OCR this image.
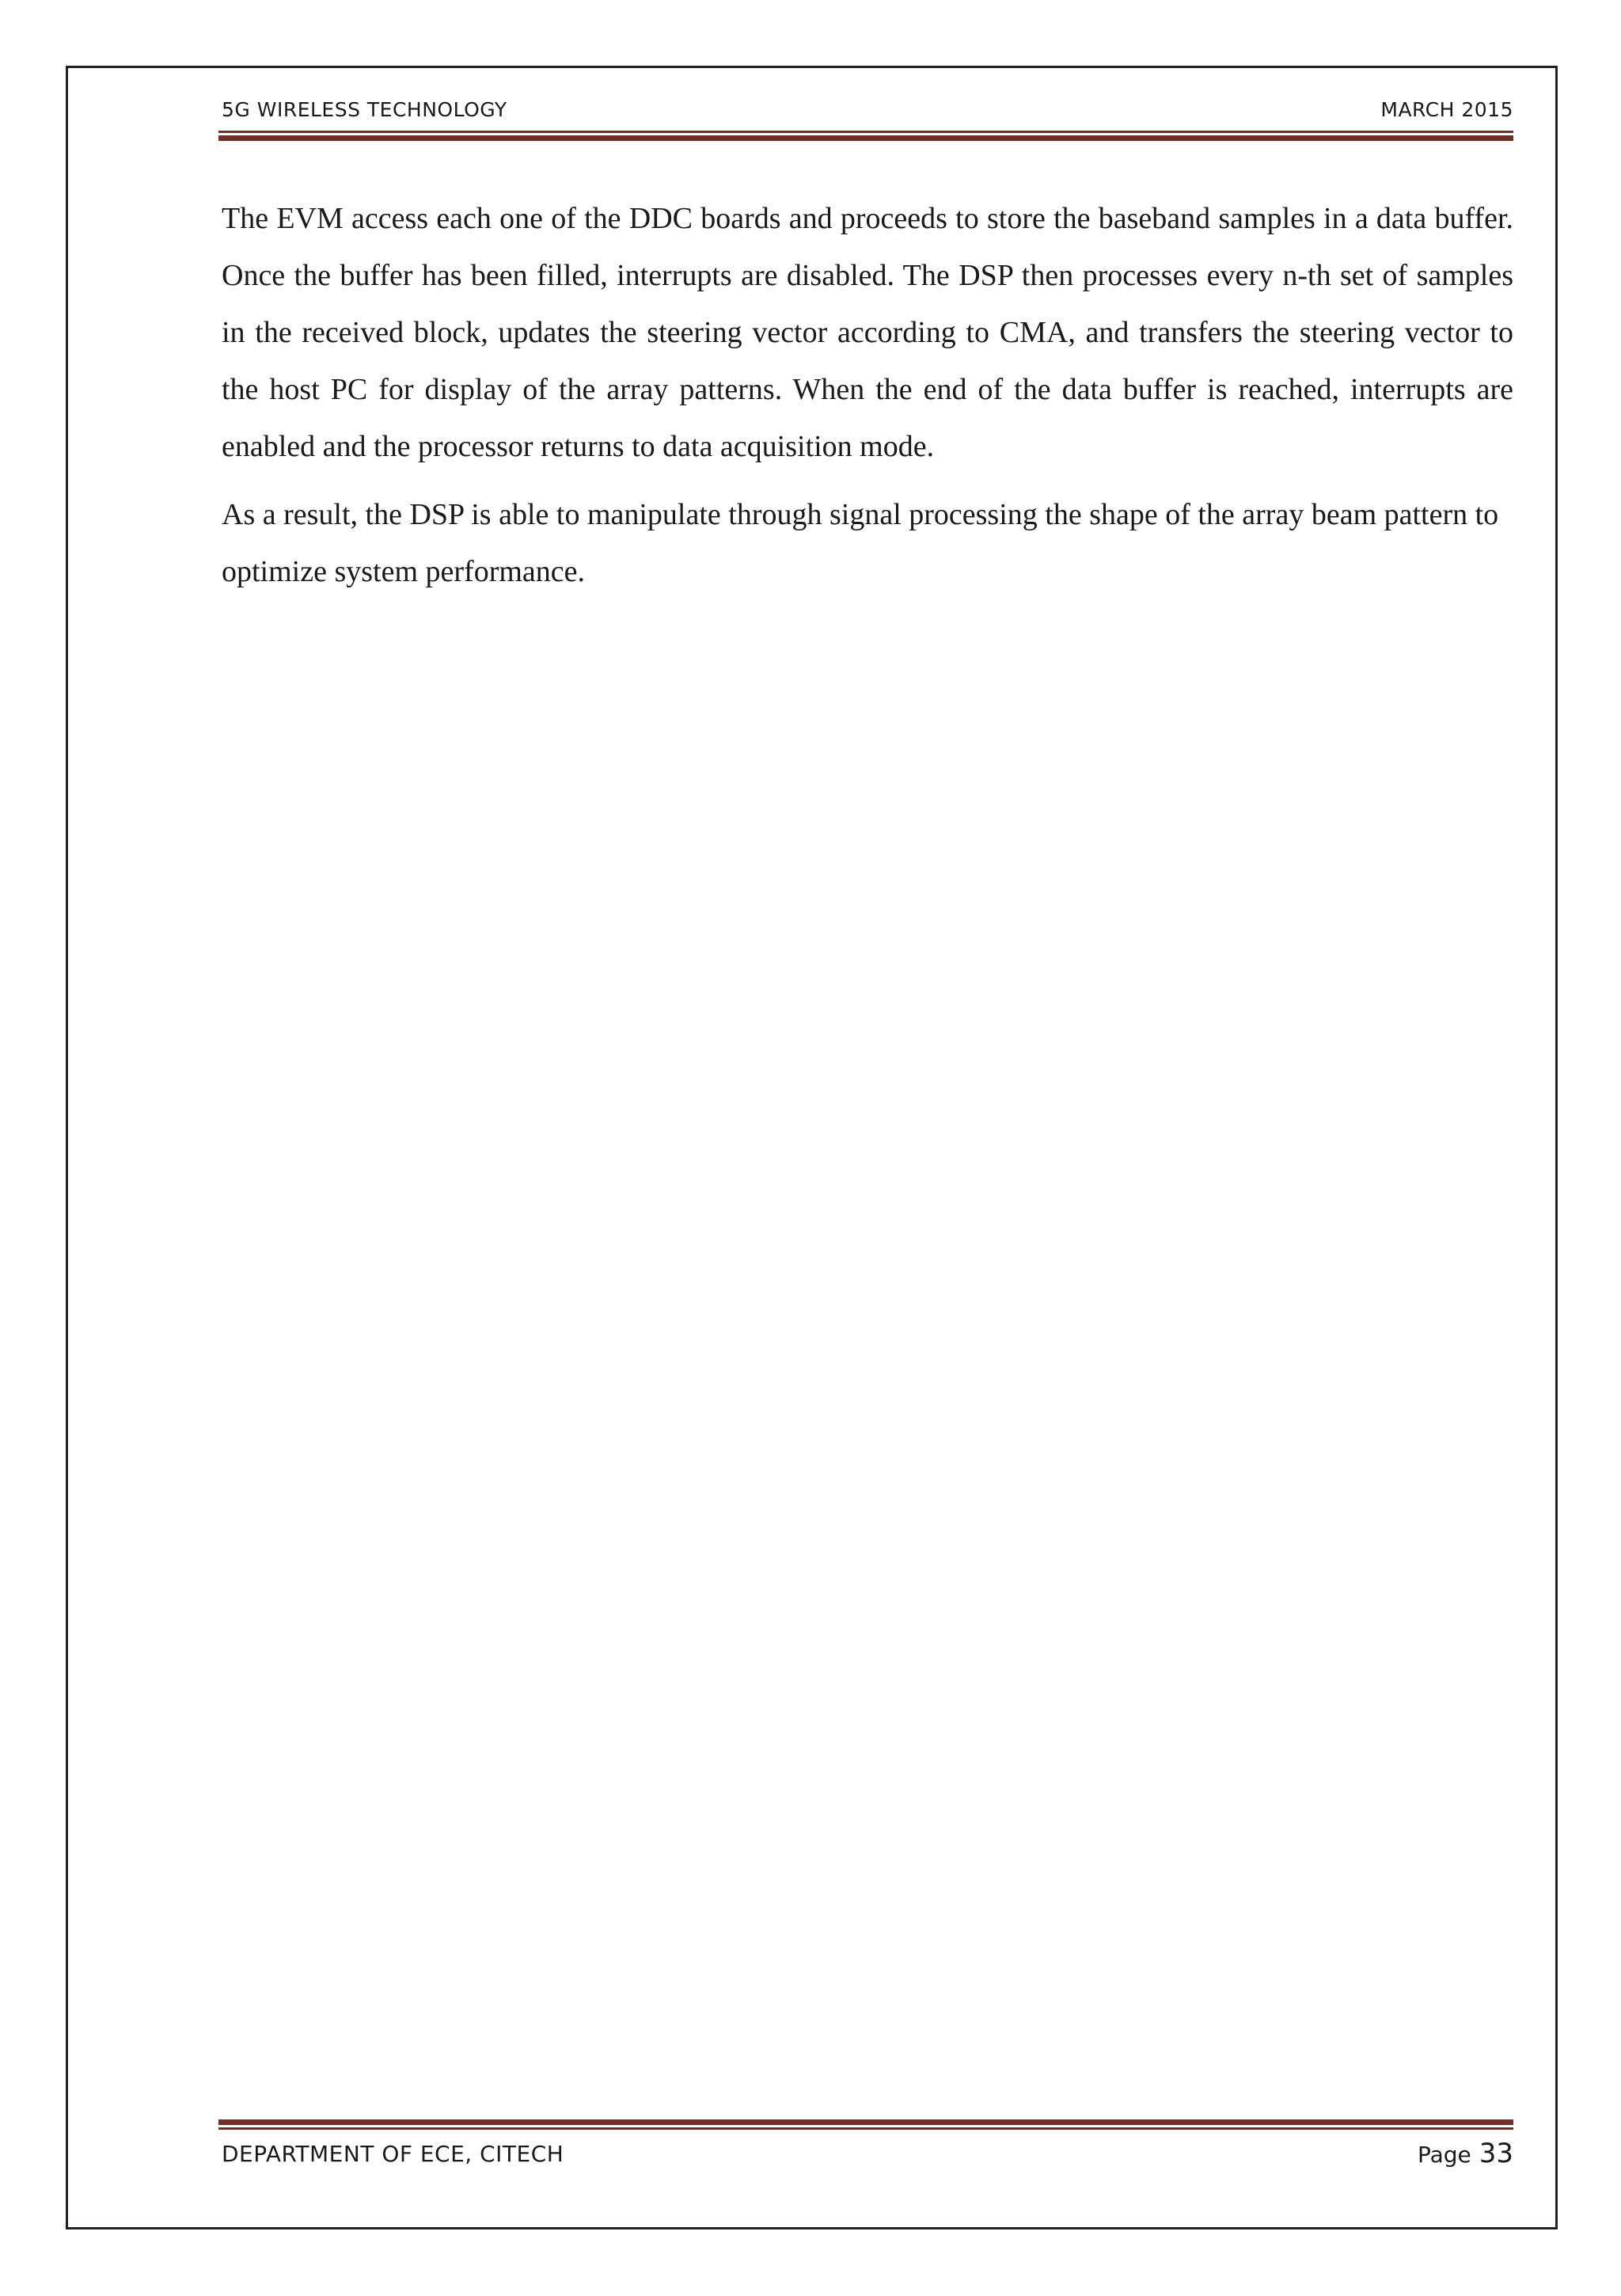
5G WIRELESS TECHNOLOGY	MARCH 2015

The EVM access each one of the DDC boards and proceeds to store the baseband samples in a data buffer. Once the buffer has been filled, interrupts are disabled. The DSP then processes every n-th set of samples in the received block, updates the steering vector according to CMA, and transfers the steering vector to the host PC for display of the array patterns. When the end of the data buffer is reached, interrupts are enabled and the processor returns to data acquisition mode.

As a result, the DSP is able to manipulate through signal processing the shape of the array beam pattern to optimize system performance.

DEPARTMENT OF ECE, CITECH	Page 33
